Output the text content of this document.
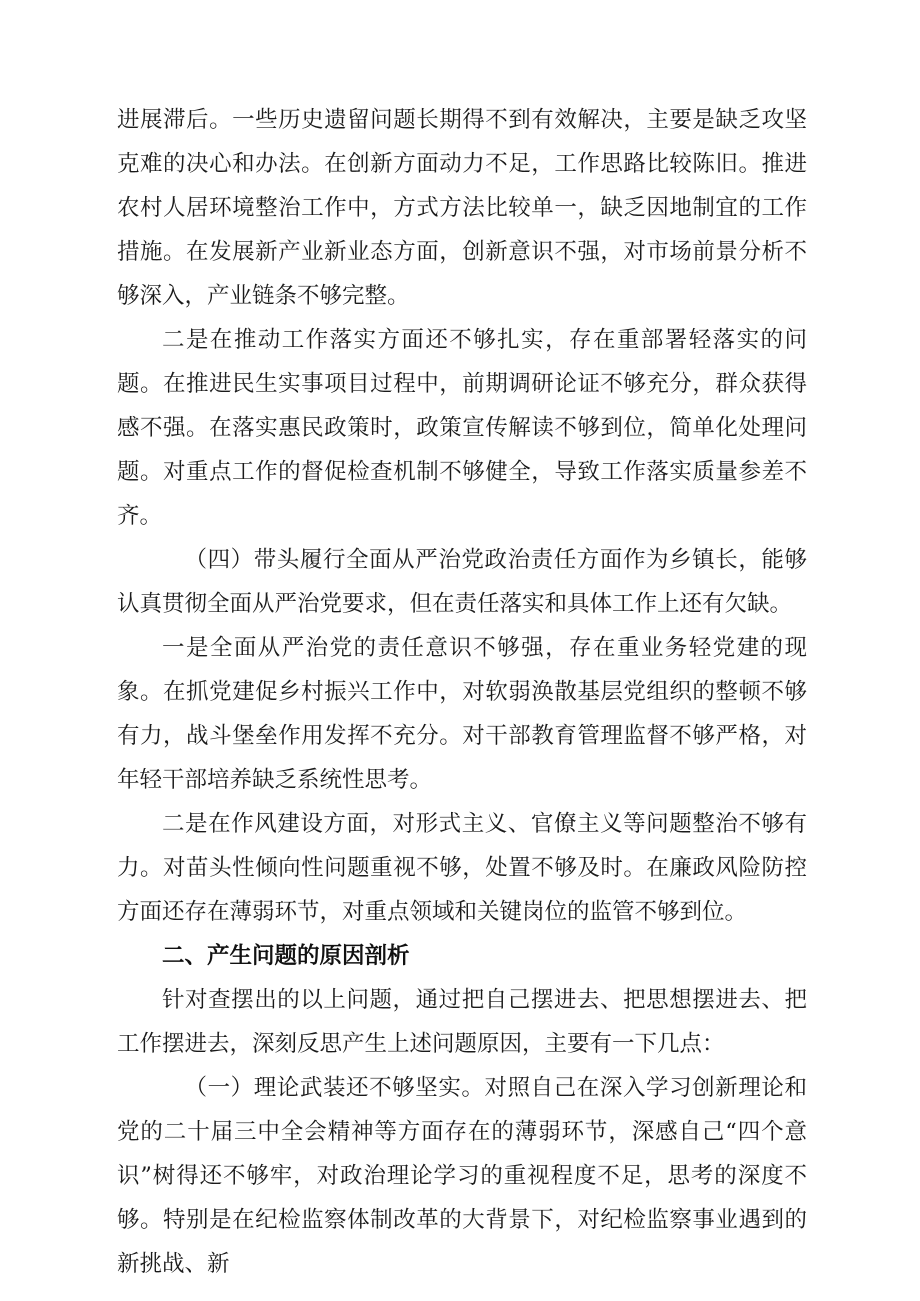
进展滞后。一些历史遗留问题长期得不到有效解决，主要是缺乏攻坚克难的决心和办法。在创新方面动力不足，工作思路比较陈旧。推进农村人居环境整治工作中，方式方法比较单一，缺乏因地制宜的工作措施。在发展新产业新业态方面，创新意识不强，对市场前景分析不够深入，产业链条不够完整。

二是在推动工作落实方面还不够扎实，存在重部署轻落实的问题。在推进民生实事项目过程中，前期调研论证不够充分，群众获得感不强。在落实惠民政策时，政策宣传解读不够到位，简单化处理问题。对重点工作的督促检查机制不够健全，导致工作落实质量参差不齐。

（四）带头履行全面从严治党政治责任方面作为乡镇长，能够认真贯彻全面从严治党要求，但在责任落实和具体工作上还有欠缺。

一是全面从严治党的责任意识不够强，存在重业务轻党建的现象。在抓党建促乡村振兴工作中，对软弱涣散基层党组织的整顿不够有力，战斗堡垒作用发挥不充分。对干部教育管理监督不够严格，对年轻干部培养缺乏系统性思考。

二是在作风建设方面，对形式主义、官僚主义等问题整治不够有力。对苗头性倾向性问题重视不够，处置不够及时。在廉政风险防控方面还存在薄弱环节，对重点领域和关键岗位的监管不够到位。

二、产生问题的原因剖析

针对查摆出的以上问题，通过把自己摆进去、把思想摆进去、把工作摆进去，深刻反思产生上述问题原因，主要有一下几点：

（一）理论武装还不够坚实。对照自己在深入学习创新理论和党的二十届三中全会精神等方面存在的薄弱环节，深感自己“四个意识”树得还不够牢，对政治理论学习的重视程度不足，思考的深度不够。特别是在纪检监察体制改革的大背景下，对纪检监察事业遇到的新挑战、新
